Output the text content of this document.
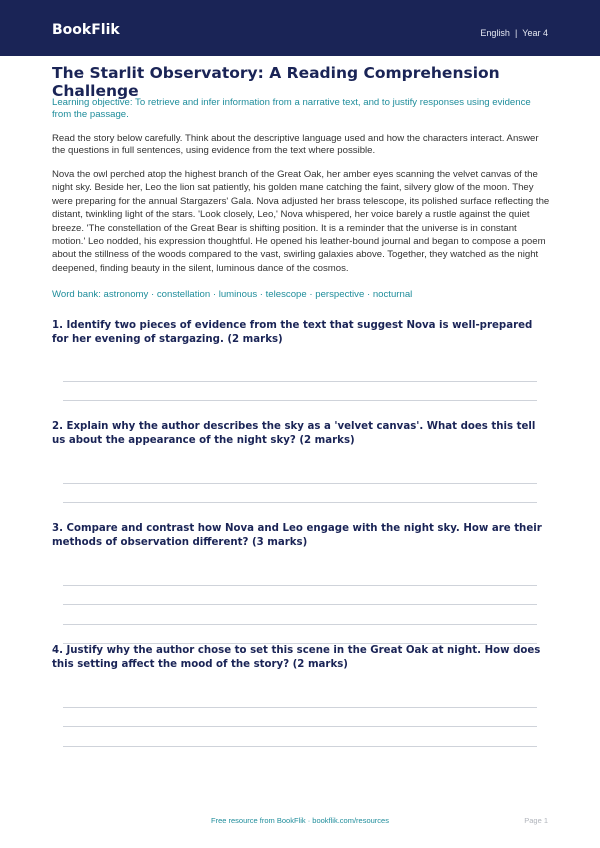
BookFlik	English | Year 4
The Starlit Observatory: A Reading Comprehension Challenge
Learning objective: To retrieve and infer information from a narrative text, and to justify responses using evidence from the passage.
Read the story below carefully. Think about the descriptive language used and how the characters interact. Answer the questions in full sentences, using evidence from the text where possible.
Nova the owl perched atop the highest branch of the Great Oak, her amber eyes scanning the velvet canvas of the night sky. Beside her, Leo the lion sat patiently, his golden mane catching the faint, silvery glow of the moon. They were preparing for the annual Stargazers' Gala. Nova adjusted her brass telescope, its polished surface reflecting the distant, twinkling light of the stars. 'Look closely, Leo,' Nova whispered, her voice barely a rustle against the quiet breeze. 'The constellation of the Great Bear is shifting position. It is a reminder that the universe is in constant motion.' Leo nodded, his expression thoughtful. He opened his leather-bound journal and began to compose a poem about the stillness of the woods compared to the vast, swirling galaxies above. Together, they watched as the night deepened, finding beauty in the silent, luminous dance of the cosmos.
Word bank: astronomy · constellation · luminous · telescope · perspective · nocturnal
1. Identify two pieces of evidence from the text that suggest Nova is well-prepared for her evening of stargazing. (2 marks)
2. Explain why the author describes the sky as a 'velvet canvas'. What does this tell us about the appearance of the night sky? (2 marks)
3. Compare and contrast how Nova and Leo engage with the night sky. How are their methods of observation different? (3 marks)
4. Justify why the author chose to set this scene in the Great Oak at night. How does this setting affect the mood of the story? (2 marks)
Free resource from BookFlik · bookflik.com/resources	Page 1
